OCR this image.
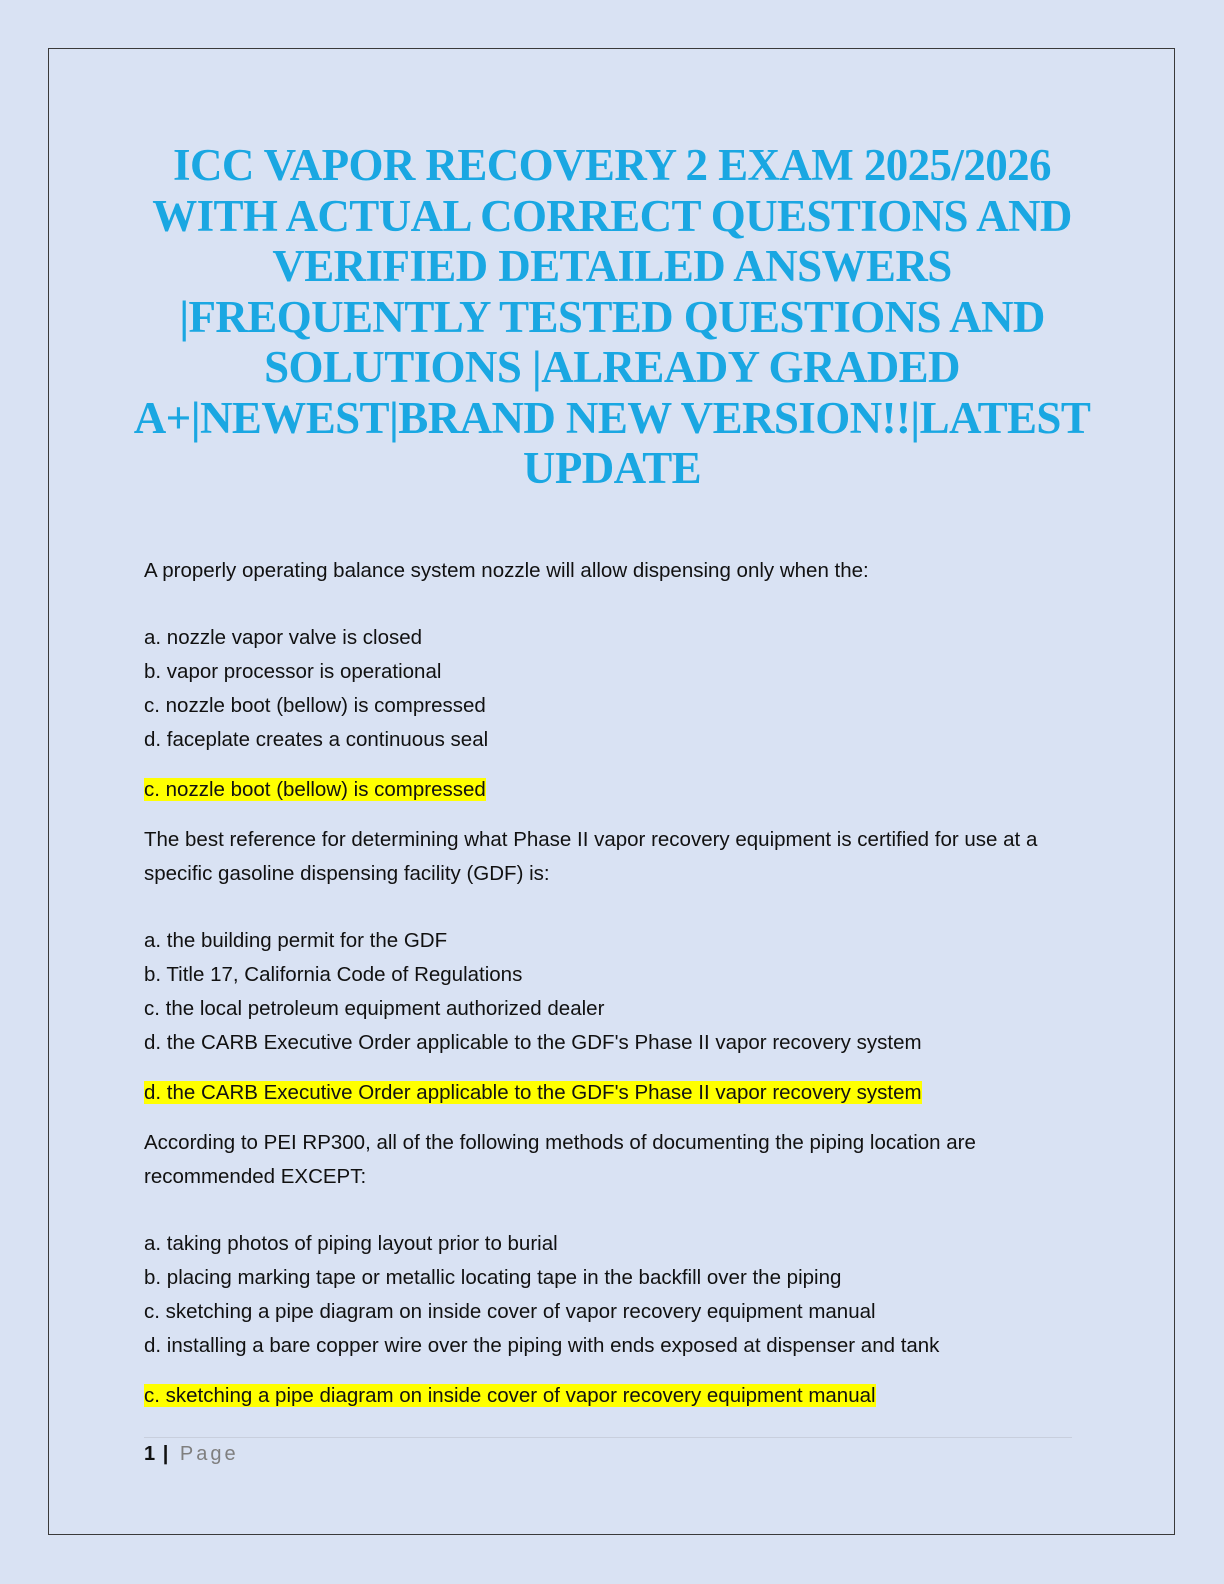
ICC VAPOR RECOVERY 2 EXAM 2025/2026 WITH ACTUAL CORRECT QUESTIONS AND VERIFIED DETAILED ANSWERS |FREQUENTLY TESTED QUESTIONS AND SOLUTIONS |ALREADY GRADED A+|NEWEST|BRAND NEW VERSION!!|LATEST UPDATE

A properly operating balance system nozzle will allow dispensing only when the:

a. nozzle vapor valve is closed
b. vapor processor is operational
c. nozzle boot (bellow) is compressed
d. faceplate creates a continuous seal

c. nozzle boot (bellow) is compressed

The best reference for determining what Phase II vapor recovery equipment is certified for use at a specific gasoline dispensing facility (GDF) is:

a. the building permit for the GDF
b. Title 17, California Code of Regulations
c. the local petroleum equipment authorized dealer
d. the CARB Executive Order applicable to the GDF's Phase II vapor recovery system

d. the CARB Executive Order applicable to the GDF's Phase II vapor recovery system

According to PEI RP300, all of the following methods of documenting the piping location are recommended EXCEPT:

a. taking photos of piping layout prior to burial
b. placing marking tape or metallic locating tape in the backfill over the piping
c. sketching a pipe diagram on inside cover of vapor recovery equipment manual
d. installing a bare copper wire over the piping with ends exposed at dispenser and tank

c. sketching a pipe diagram on inside cover of vapor recovery equipment manual

1 | Page
